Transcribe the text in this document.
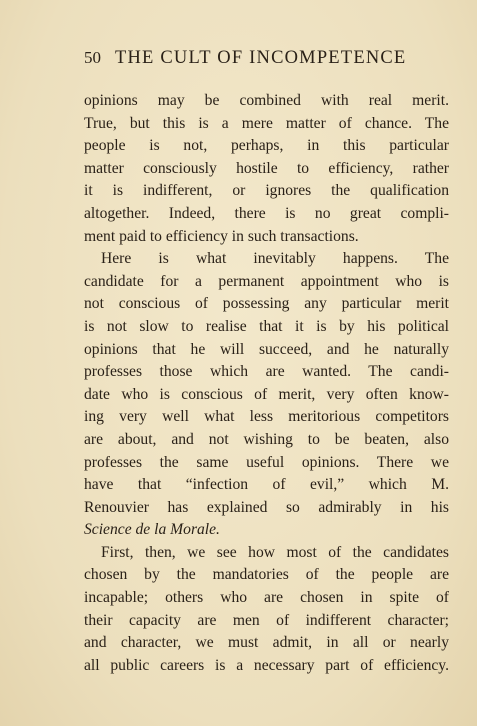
50 THE CULT OF INCOMPETENCE
opinions may be combined with real merit.
True, but this is a mere matter of chance. The
people is not, perhaps, in this particular
matter consciously hostile to efficiency, rather
it is indifferent, or ignores the qualification
altogether. Indeed, there is no great compli-
ment paid to efficiency in such transactions.
Here is what inevitably happens. The
candidate for a permanent appointment who is
not conscious of possessing any particular merit
is not slow to realise that it is by his political
opinions that he will succeed, and he naturally
professes those which are wanted. The candi-
date who is conscious of merit, very often know-
ing very well what less meritorious competitors
are about, and not wishing to be beaten, also
professes the same useful opinions. There we
have that “infection of evil,” which M.
Renouvier has explained so admirably in his
Science de la Morale.
First, then, we see how most of the candidates
chosen by the mandatories of the people are
incapable; others who are chosen in spite of
their capacity are men of indifferent character;
and character, we must admit, in all or nearly
all public careers is a necessary part of efficiency.
